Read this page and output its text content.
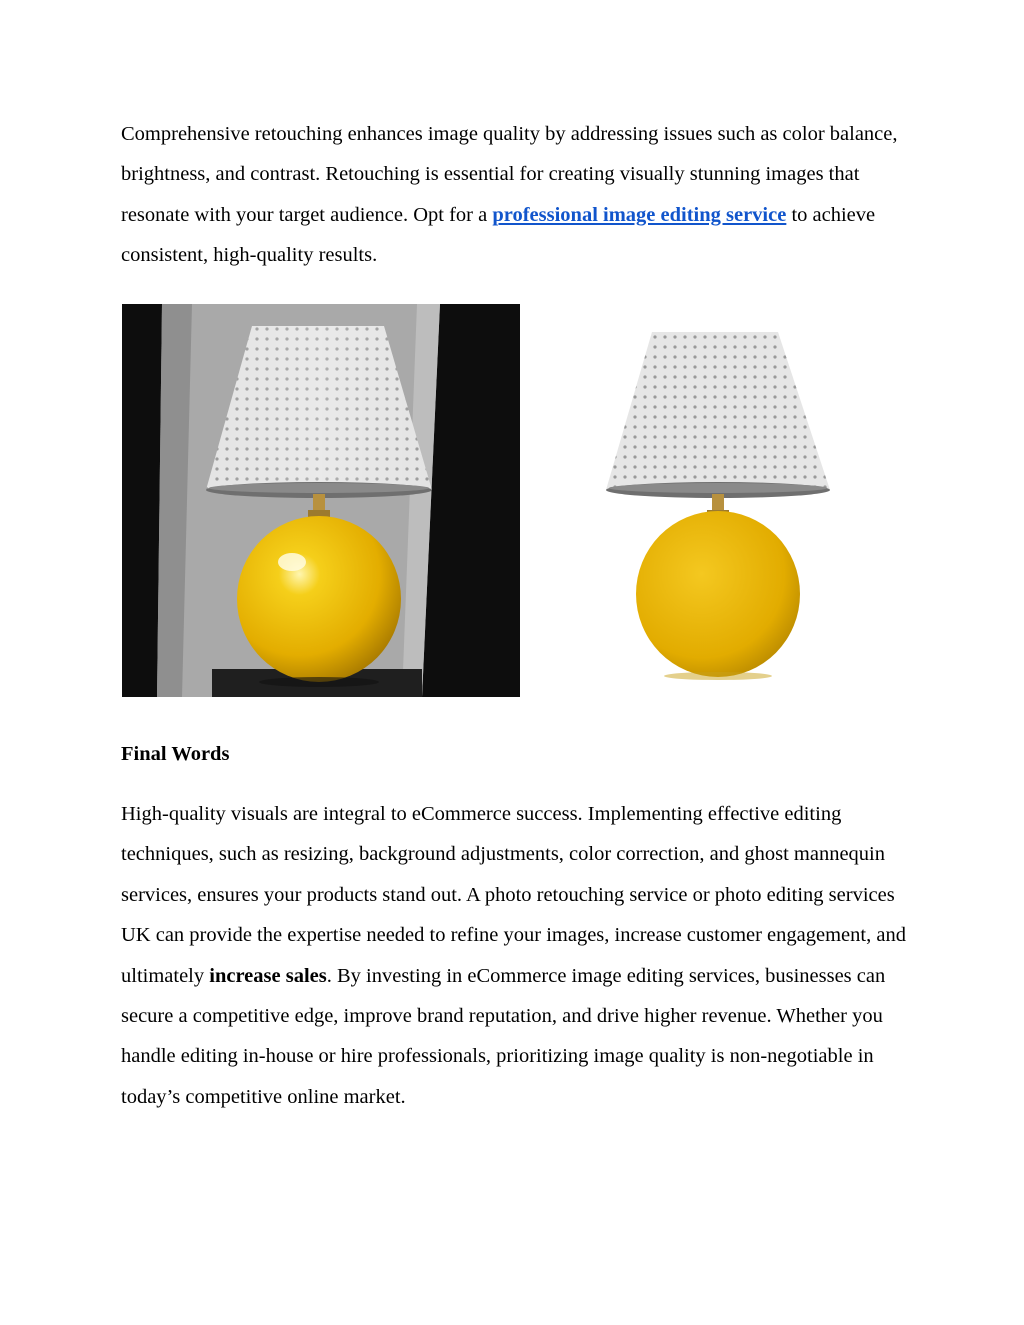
Comprehensive retouching enhances image quality by addressing issues such as color balance, brightness, and contrast. Retouching is essential for creating visually stunning images that resonate with your target audience. Opt for a professional image editing service to achieve consistent, high-quality results.

Final Words

High-quality visuals are integral to eCommerce success. Implementing effective editing techniques, such as resizing, background adjustments, color correction, and ghost mannequin services, ensures your products stand out. A photo retouching service or photo editing services UK can provide the expertise needed to refine your images, increase customer engagement, and ultimately increase sales. By investing in eCommerce image editing services, businesses can secure a competitive edge, improve brand reputation, and drive higher revenue. Whether you handle editing in-house or hire professionals, prioritizing image quality is non-negotiable in today’s competitive online market.
